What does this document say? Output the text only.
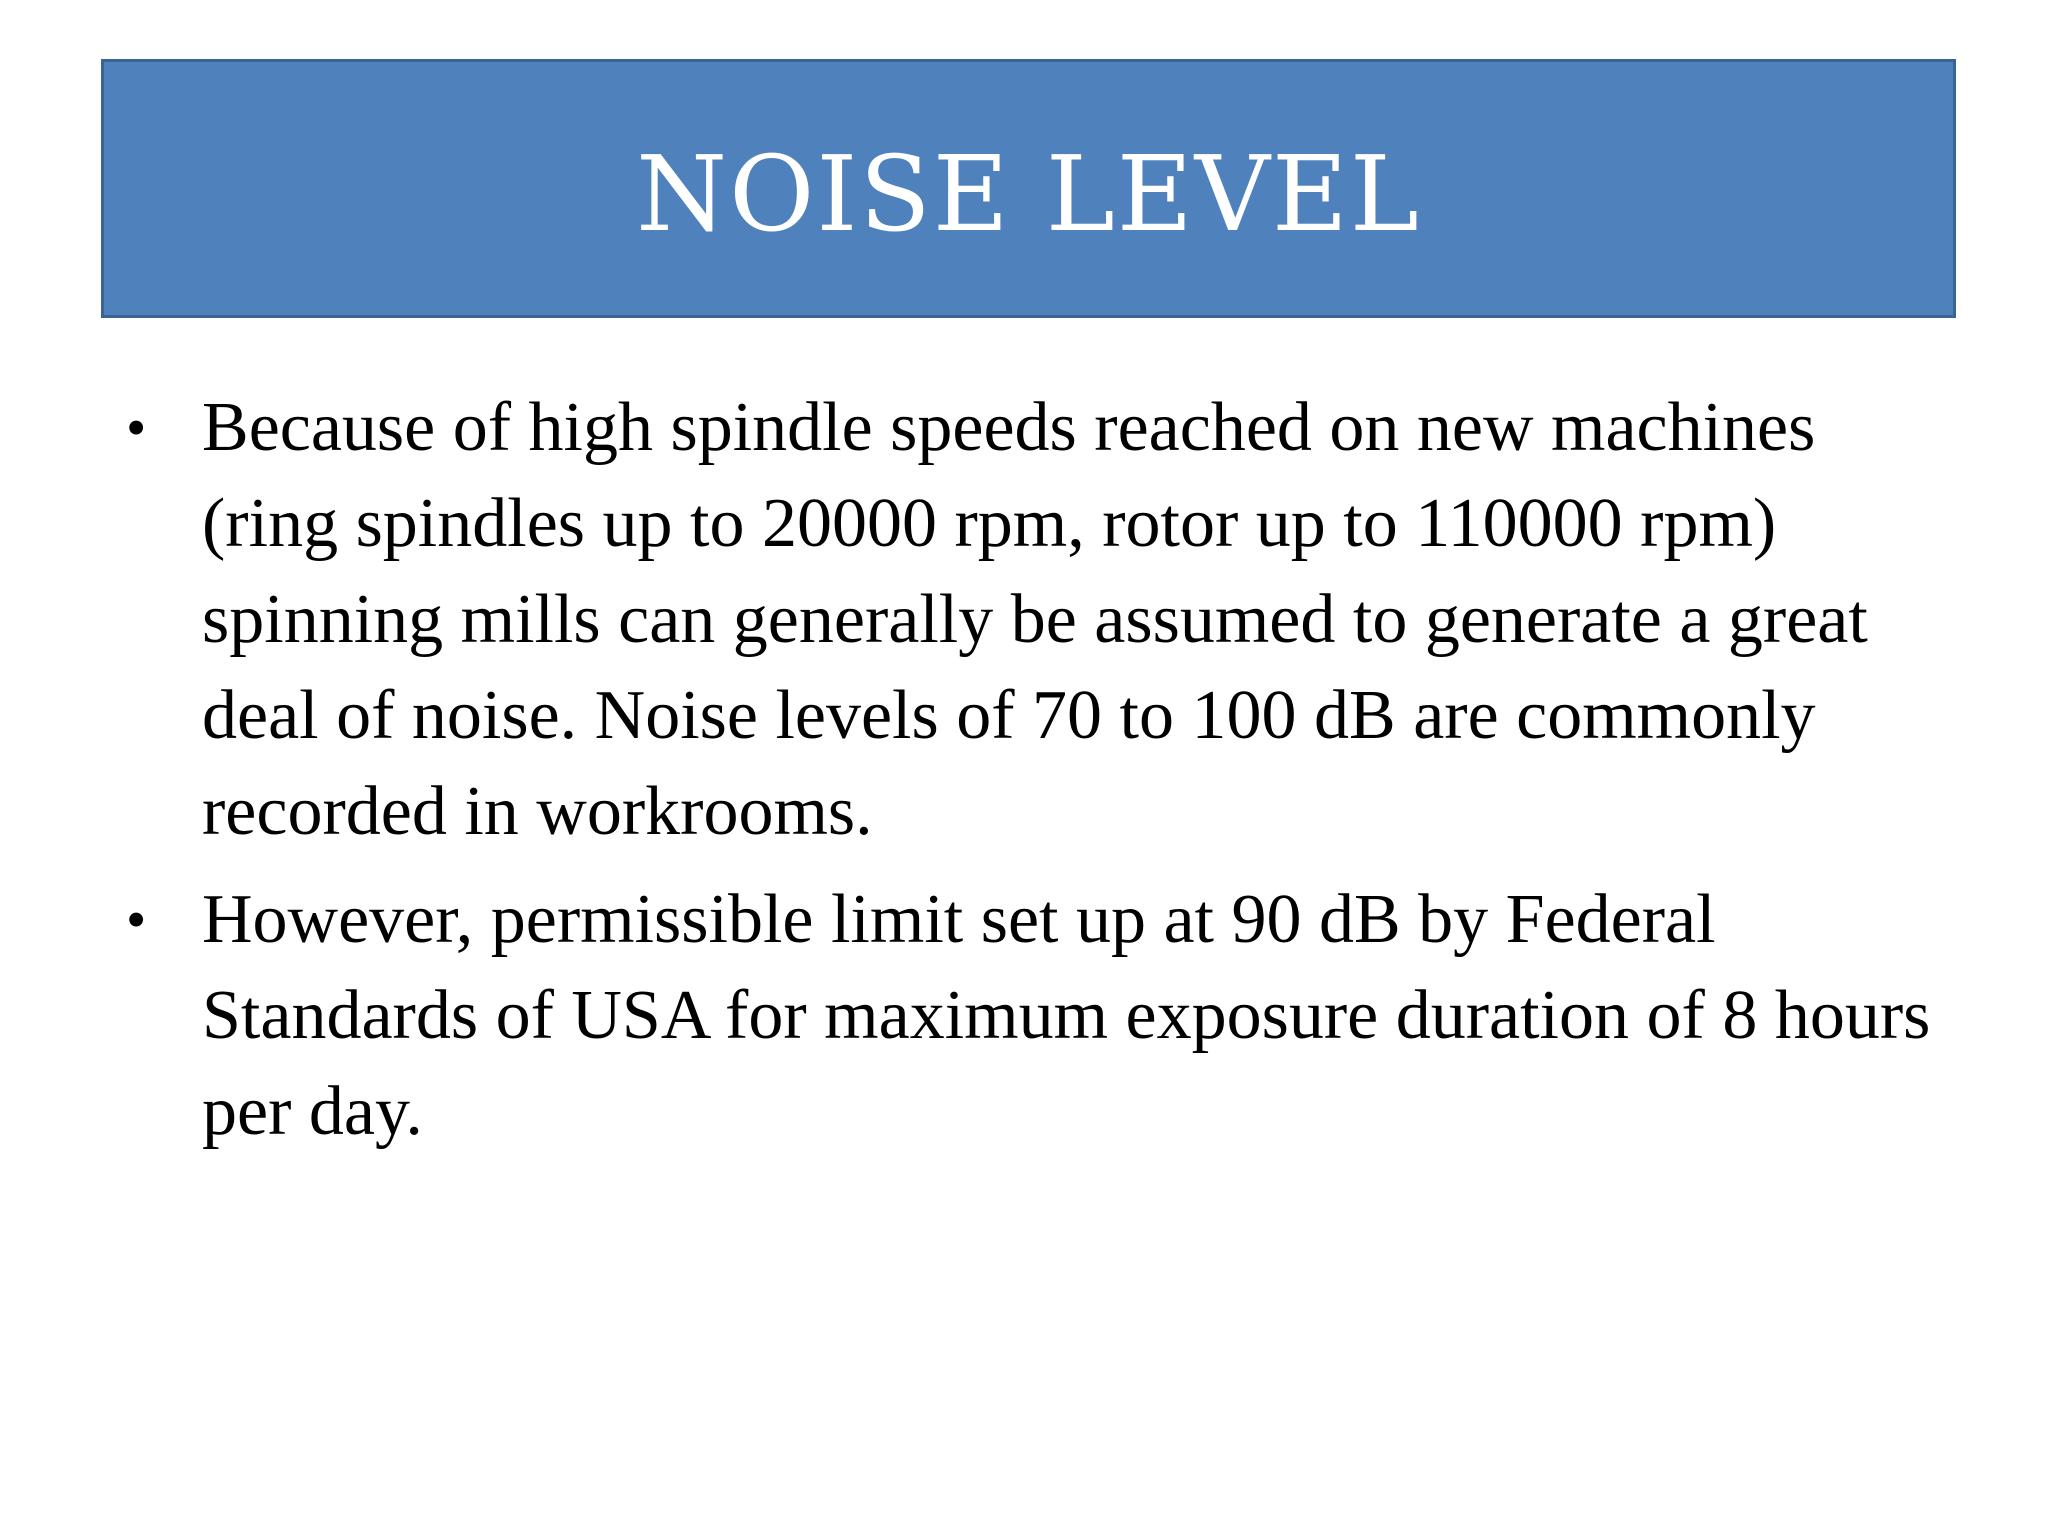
NOISE LEVEL
• Because of high spindle speeds reached on new machines (ring spindles up to 20000 rpm, rotor up to 110000 rpm) spinning mills can generally be assumed to generate a great deal of noise. Noise levels of 70 to 100 dB are commonly recorded in workrooms.
• However, permissible limit set up at 90 dB by Federal Standards of USA for maximum exposure duration of 8 hours per day.
